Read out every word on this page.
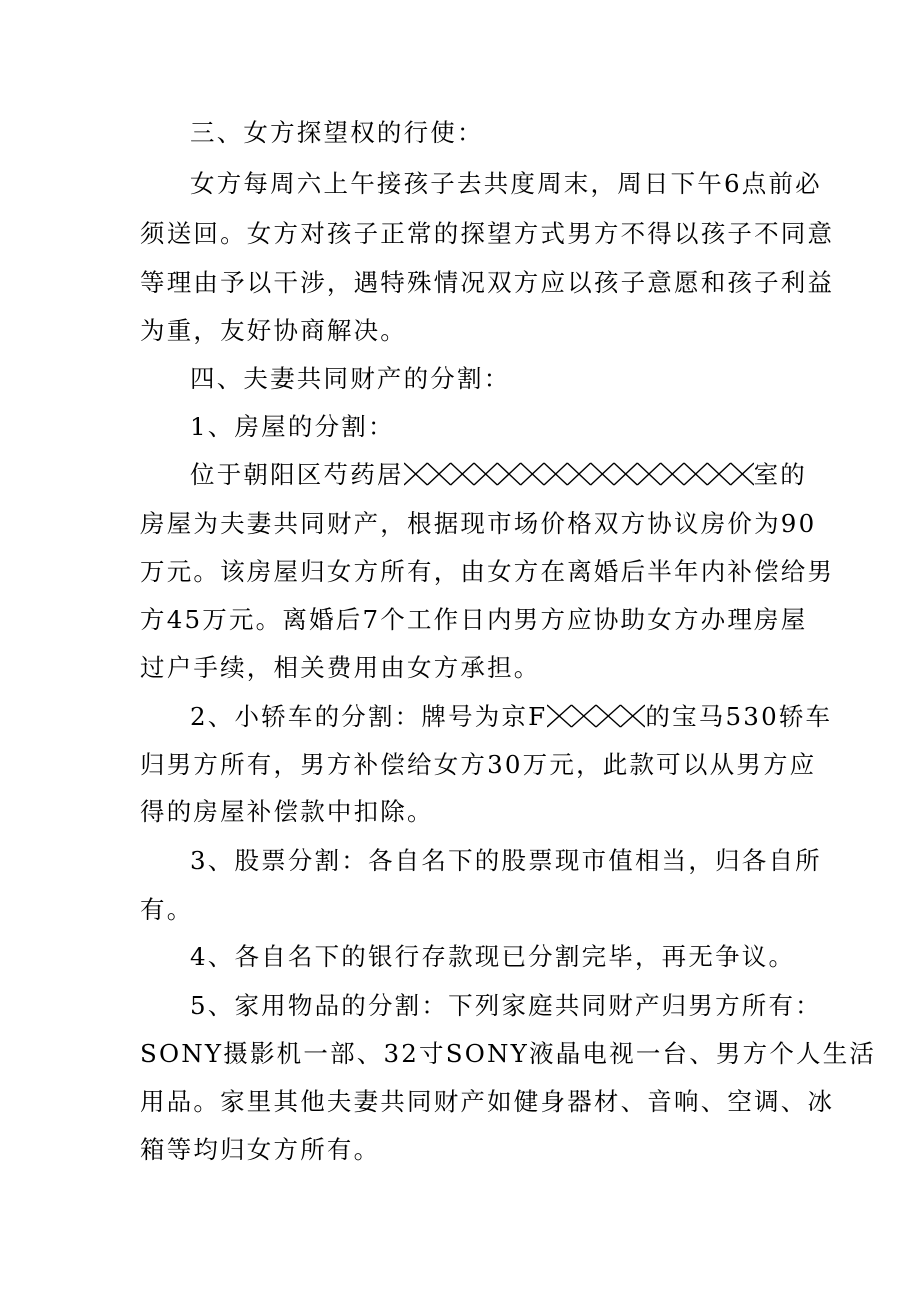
三、女方探望权的行使：
女方每周六上午接孩子去共度周末，周日下午6点前必
须送回。女方对孩子正常的探望方式男方不得以孩子不同意
等理由予以干涉，遇特殊情况双方应以孩子意愿和孩子利益
为重，友好协商解决。
四、夫妻共同财产的分割：
1、房屋的分割：
位于朝阳区芍药居	室的
房屋为夫妻共同财产，根据现市场价格双方协议房价为90
万元。该房屋归女方所有，由女方在离婚后半年内补偿给男
方45万元。离婚后7个工作日内男方应协助女方办理房屋
过户手续，相关费用由女方承担。
2、小轿车的分割：牌号为京F	的宝马530轿车
归男方所有，男方补偿给女方30万元，此款可以从男方应
得的房屋补偿款中扣除。
3、股票分割：各自名下的股票现市值相当，归各自所
有。
4、各自名下的银行存款现已分割完毕，再无争议。
5、家用物品的分割：下列家庭共同财产归男方所有：
SONY摄影机一部、32寸SONY液晶电视一台、男方个人生活
用品。家里其他夫妻共同财产如健身器材、音响、空调、冰
箱等均归女方所有。
